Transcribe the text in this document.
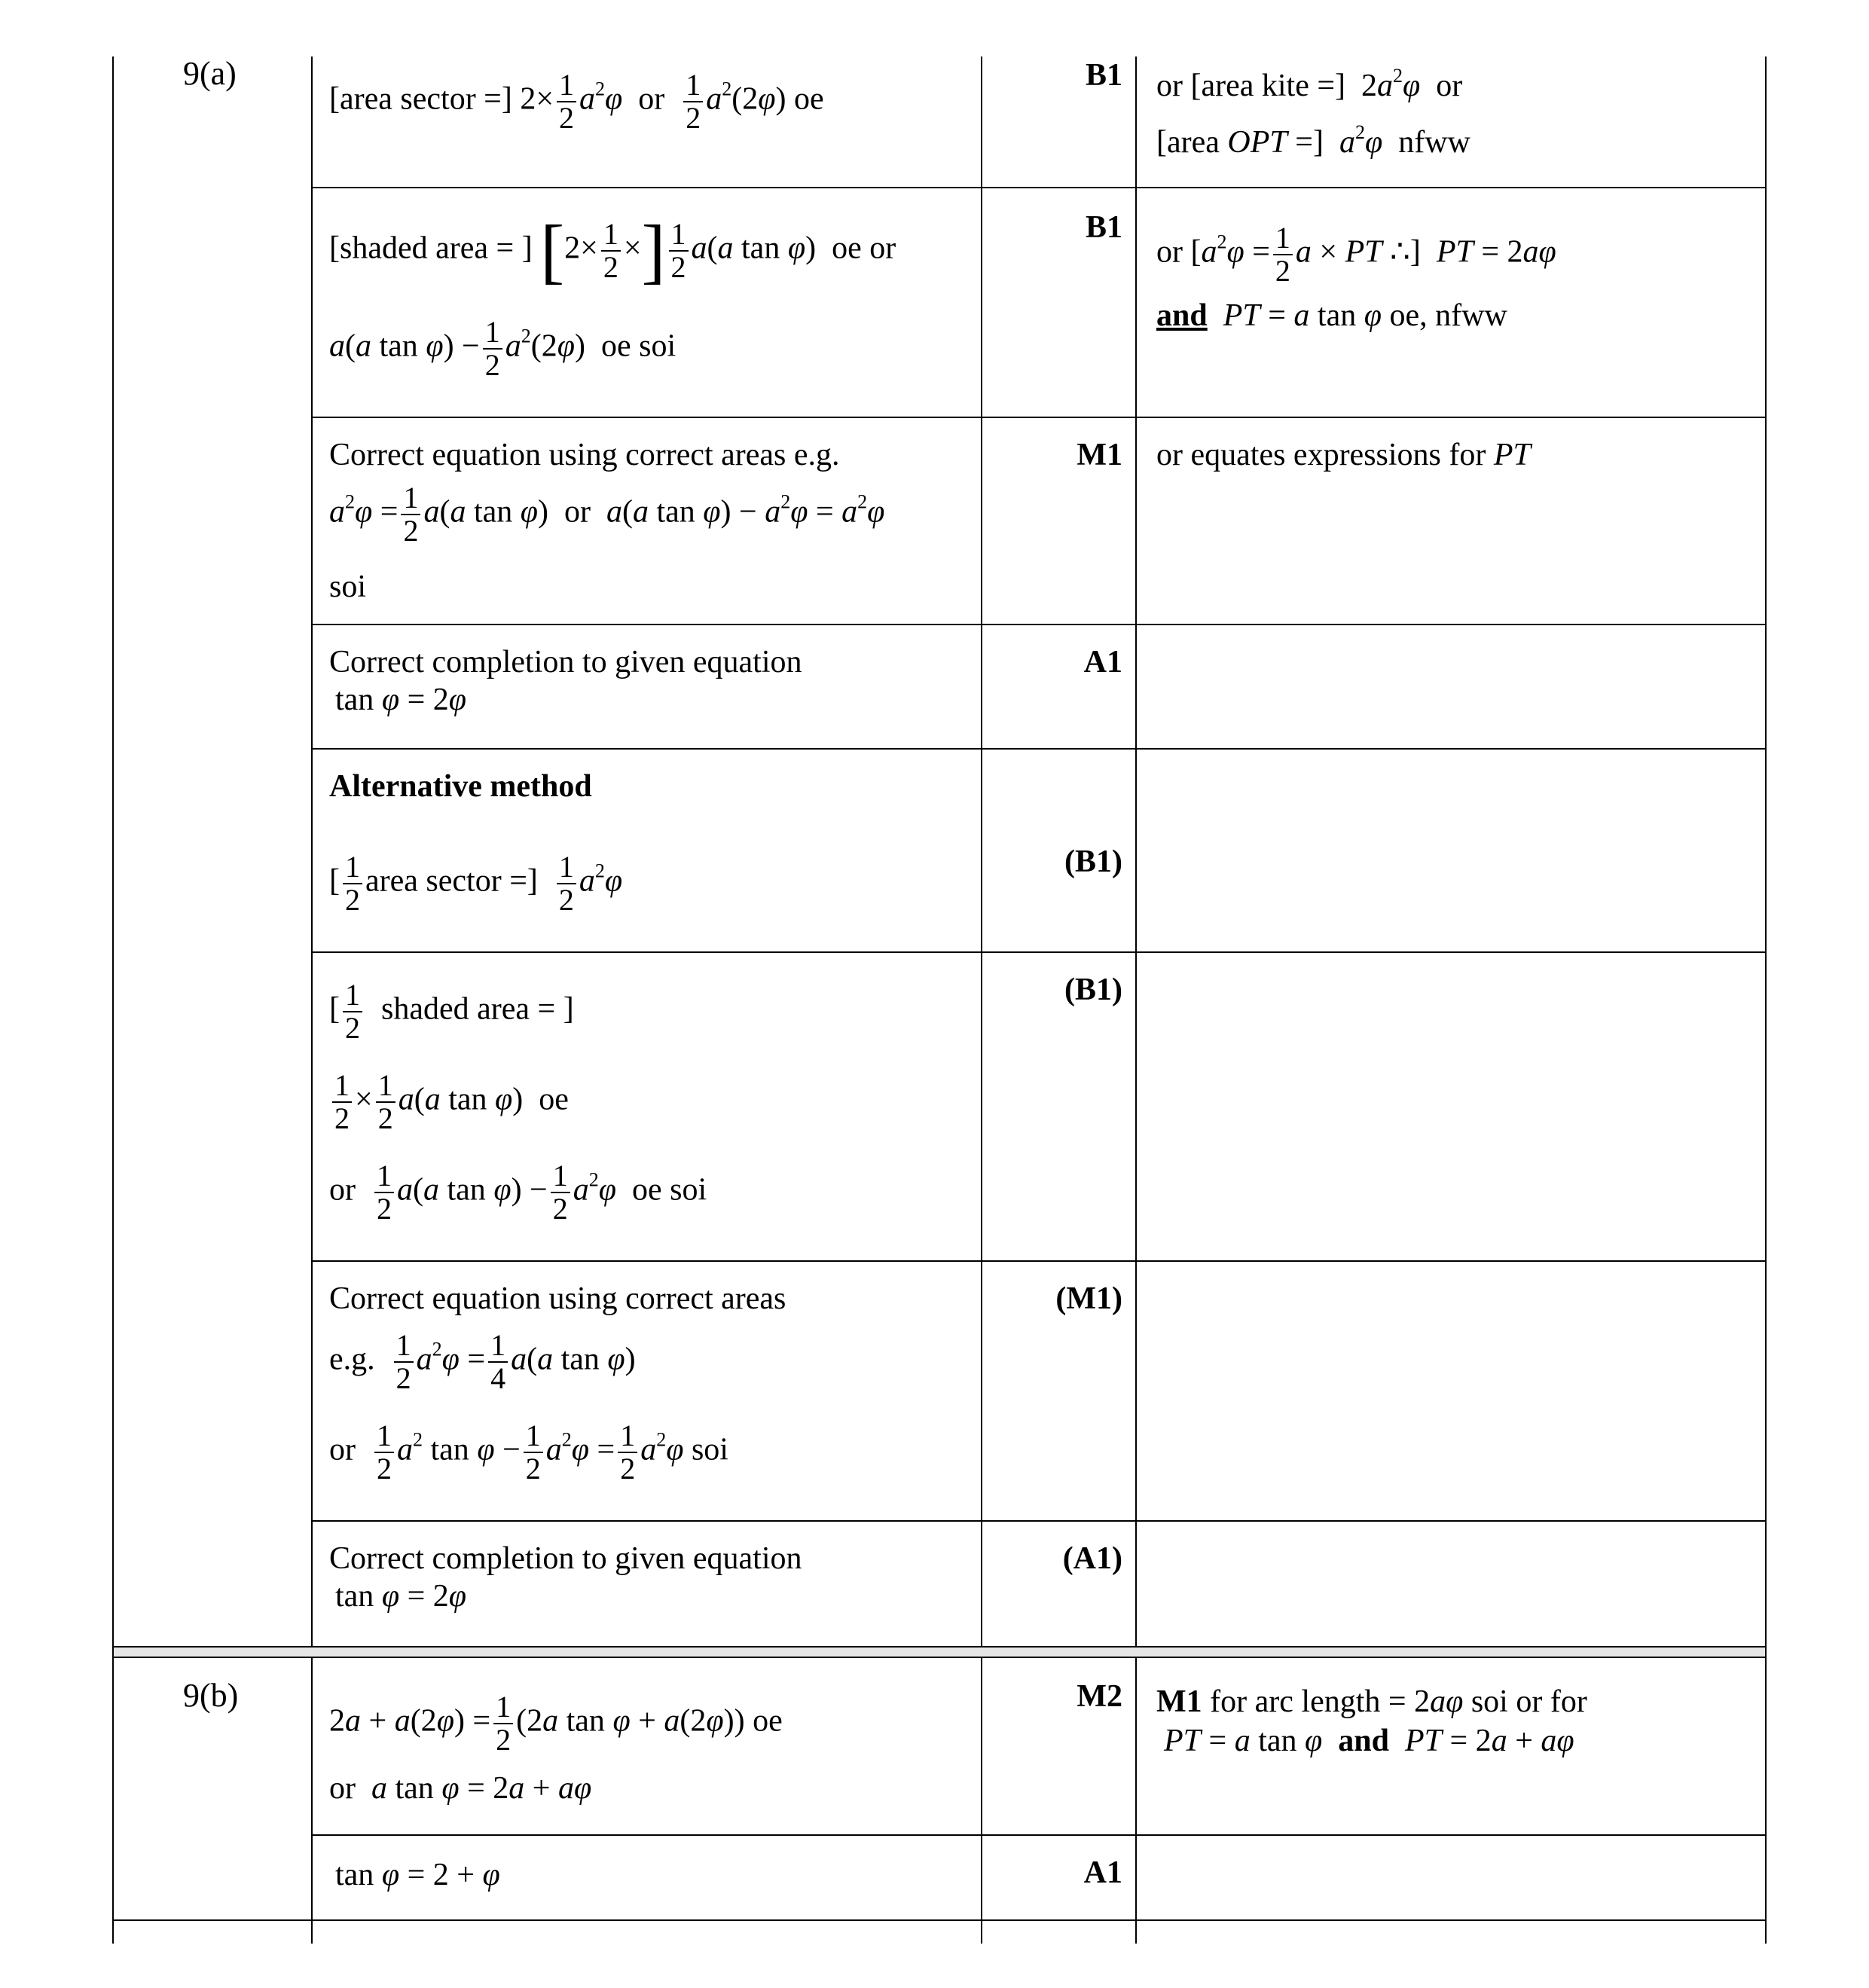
9(a)
9(b)
B1
B1
M1
A1
(B1)
(B1)
(M1)
(A1)
M2
A1
[area sector =] $2\times \frac{1}{2} a^2\varphi$  or $\frac{1}{2} a^2(2\varphi)$ oe	or [area kite =]  $2a^2\varphi$  or
[area OPT =]  $a^2\varphi$  nfww
[shaded area = ] [$2\times \frac{1}{2}$ ×] $\frac{1}{2} a(a$ tan φ)  oe or
a(a $\tan \varphi) - \frac{1}{2} a^2(2\varphi)$  oe soi
or [$a^2\varphi = \frac{1}{2}$ a × PT ∴]  PT = 2aφ
and PT = a tan φ oe, nfww
Correct equation using correct areas e.g.
$a^2\varphi = \frac{1}{2} a(a$ tan φ)  or  a(a $\tan \varphi) - a^2\varphi = a^2\varphi$
soi
or equates expressions for PT
Correct completion to given equation
tan φ = 2φ
Alternative method
[ $\frac{1}{2}$ area sector =] $\frac{1}{2} a^2\varphi$
[ $\frac{1}{2}$ shaded area = ]
$\frac{1}{2} \times \frac{1}{2} a(a$ tan φ)  oe
or $\frac{1}{2} a(a$ $\tan \varphi) - \frac{1}{2} a^2\varphi$  oe soi
Correct equation using correct areas
e.g. $\frac{1}{2} a^2\varphi = \frac{1}{4} a(a$ tan φ)
or $\frac{1}{2} a^2$ $\tan \varphi - \frac{1}{2} a^2\varphi = \frac{1}{2} a^2\varphi$ soi
Correct completion to given equation
tan φ = 2φ
$2a + a(2\varphi) = \frac{1}{2} (2a$ tan φ + a(2φ)) oe
or  a tan φ = 2a + aφ
M1 for arc length = 2aφ soi or for
PT = a tan φ and PT = 2a + aφ
tan φ = 2 + φ
